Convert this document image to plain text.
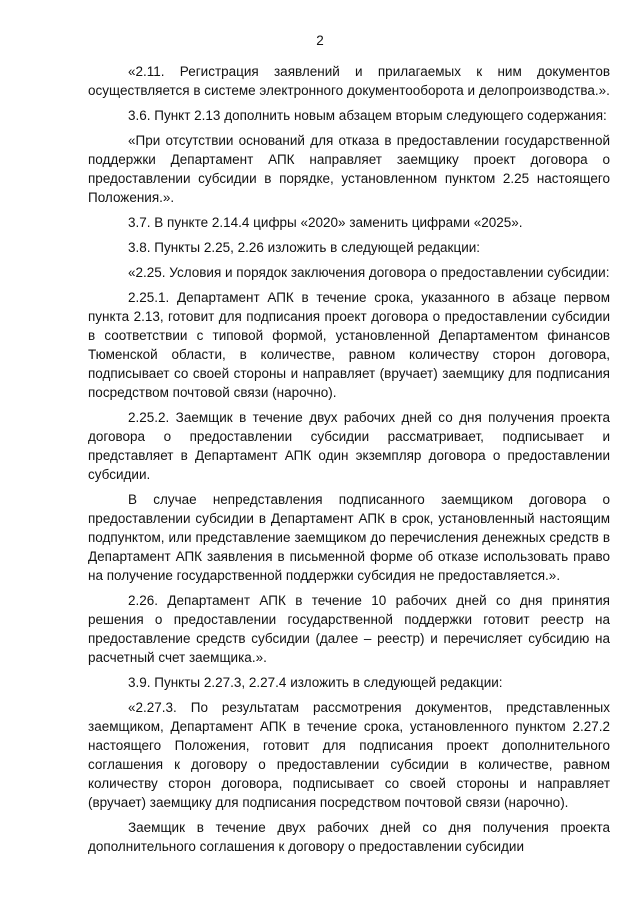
2

«2.11. Регистрация заявлений и прилагаемых к ним документов осуществляется в системе электронного документооборота и делопроизводства.».

3.6. Пункт 2.13 дополнить новым абзацем вторым следующего содержания:

«При отсутствии оснований для отказа в предоставлении государственной поддержки Департамент АПК направляет заемщику проект договора о предоставлении субсидии в порядке, установленном пунктом 2.25 настоящего Положения.».

3.7. В пункте 2.14.4 цифры «2020» заменить цифрами «2025».

3.8. Пункты 2.25, 2.26 изложить в следующей редакции:

«2.25. Условия и порядок заключения договора о предоставлении субсидии:

2.25.1. Департамент АПК в течение срока, указанного в абзаце первом пункта 2.13, готовит для подписания проект договора о предоставлении субсидии в соответствии с типовой формой, установленной Департаментом финансов Тюменской области, в количестве, равном количеству сторон договора, подписывает со своей стороны и направляет (вручает) заемщику для подписания посредством почтовой связи (нарочно).

2.25.2. Заемщик в течение двух рабочих дней со дня получения проекта договора о предоставлении субсидии рассматривает, подписывает и представляет в Департамент АПК один экземпляр договора о предоставлении субсидии.

В случае непредставления подписанного заемщиком договора о предоставлении субсидии в Департамент АПК в срок, установленный настоящим подпунктом, или представление заемщиком до перечисления денежных средств в Департамент АПК заявления в письменной форме об отказе использовать право на получение государственной поддержки субсидия не предоставляется.».

2.26. Департамент АПК в течение 10 рабочих дней со дня принятия решения о предоставлении государственной поддержки готовит реестр на предоставление средств субсидии (далее – реестр) и перечисляет субсидию на расчетный счет заемщика.».

3.9. Пункты 2.27.3, 2.27.4 изложить в следующей редакции:

«2.27.3. По результатам рассмотрения документов, представленных заемщиком, Департамент АПК в течение срока, установленного пунктом 2.27.2 настоящего Положения, готовит для подписания проект дополнительного соглашения к договору о предоставлении субсидии в количестве, равном количеству сторон договора, подписывает со своей стороны и направляет (вручает) заемщику для подписания посредством почтовой связи (нарочно).

Заемщик в течение двух рабочих дней со дня получения проекта дополнительного соглашения к договору о предоставлении субсидии
